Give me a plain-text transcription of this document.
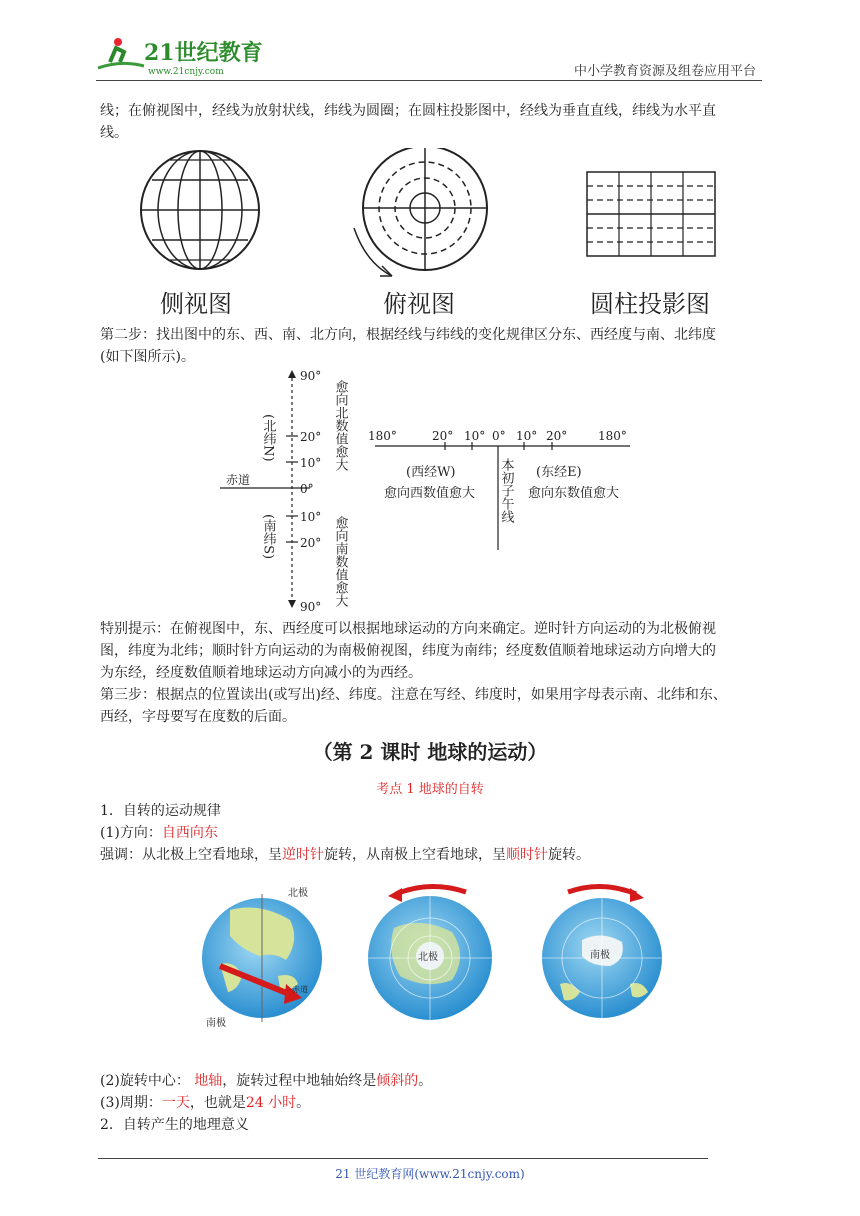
21世纪教育
www.21cnjy.com	中小学教育资源及组卷应用平台
线；在俯视图中，经线为放射状线，纬线为圆圈；在圆柱投影图中，经线为垂直直线，纬线为水平直
线。
侧视图	俯视图	圆柱投影图
第二步：找出图中的东、西、南、北方向，根据经线与纬线的变化规律区分东、西经度与南、北纬度
(如下图所示)。
90°
20°
10°
0°
10°
20°
90°
赤道
(北纬N)
(南纬S)
愈向北数值愈大
愈向南数值愈大
180°	20° 10° 0° 10° 20°	180°
(西经W)
愈向西数值愈大
(东经E)
愈向东数值愈大
本初子午线
特别提示：在俯视图中，东、西经度可以根据地球运动的方向来确定。逆时针方向运动的为北极俯视
图，纬度为北纬；顺时针方向运动的为南极俯视图，纬度为南纬；经度数值顺着地球运动方向增大的
为东经，经度数值顺着地球运动方向减小的为西经。
第三步：根据点的位置读出(或写出)经、纬度。注意在写经、纬度时，如果用字母表示南、北纬和东、
西经，字母要写在度数的后面。
（第 2 课时 地球的运动）
考点 1 地球的自转
1．自转的运动规律
(1)方向：自西向东
强调：从北极上空看地球，呈逆时针旋转，从南极上空看地球，呈顺时针旋转。
北极
南极
赤道
北极	南极
(2)旋转中心： 地轴，旋转过程中地轴始终是倾斜的。
(3)周期：一天，也就是24 小时。
2．自转产生的地理意义
21 世纪教育网(www.21cnjy.com)
